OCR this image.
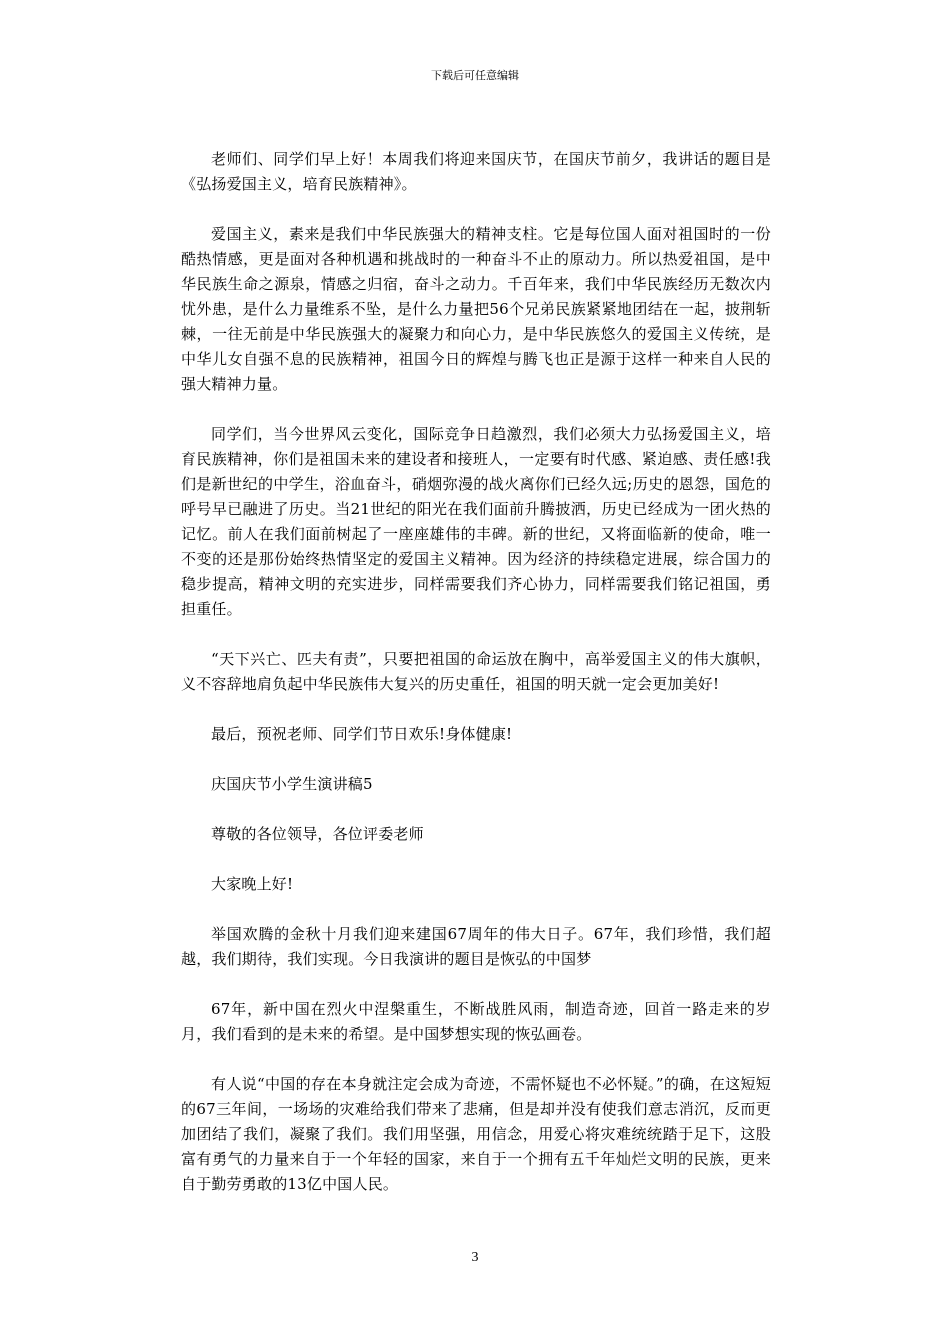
下载后可任意编辑

老师们、同学们早上好！本周我们将迎来国庆节，在国庆节前夕，我讲话的题目是《弘扬爱国主义，培育民族精神》。

爱国主义，素来是我们中华民族强大的精神支柱。它是每位国人面对祖国时的一份酷热情感，更是面对各种机遇和挑战时的一种奋斗不止的原动力。所以热爱祖国，是中华民族生命之源泉，情感之归宿，奋斗之动力。千百年来，我们中华民族经历无数次内忧外患，是什么力量维系不坠，是什么力量把56个兄弟民族紧紧地团结在一起，披荆斩棘，一往无前是中华民族强大的凝聚力和向心力，是中华民族悠久的爱国主义传统，是中华儿女自强不息的民族精神，祖国今日的辉煌与腾飞也正是源于这样一种来自人民的强大精神力量。

同学们，当今世界风云变化，国际竞争日趋激烈，我们必须大力弘扬爱国主义，培育民族精神，你们是祖国未来的建设者和接班人，一定要有时代感、紧迫感、责任感!我们是新世纪的中学生，浴血奋斗，硝烟弥漫的战火离你们已经久远;历史的恩怨，国危的呼号早已融进了历史。当21世纪的阳光在我们面前升腾披洒，历史已经成为一团火热的记忆。前人在我们面前树起了一座座雄伟的丰碑。新的世纪，又将面临新的使命，唯一不变的还是那份始终热情坚定的爱国主义精神。因为经济的持续稳定进展，综合国力的稳步提高，精神文明的充实进步，同样需要我们齐心协力，同样需要我们铭记祖国，勇担重任。

“天下兴亡、匹夫有责”，只要把祖国的命运放在胸中，高举爱国主义的伟大旗帜，义不容辞地肩负起中华民族伟大复兴的历史重任，祖国的明天就一定会更加美好!

最后，预祝老师、同学们节日欢乐!身体健康!

庆国庆节小学生演讲稿5

尊敬的各位领导，各位评委老师

大家晚上好!

举国欢腾的金秋十月我们迎来建国67周年的伟大日子。67年，我们珍惜，我们超越，我们期待，我们实现。今日我演讲的题目是恢弘的中国梦

67年，新中国在烈火中涅槃重生，不断战胜风雨，制造奇迹，回首一路走来的岁月，我们看到的是未来的希望。是中国梦想实现的恢弘画卷。

有人说“中国的存在本身就注定会成为奇迹，不需怀疑也不必怀疑。”的确，在这短短的67三年间，一场场的灾难给我们带来了悲痛，但是却并没有使我们意志消沉，反而更加团结了我们，凝聚了我们。我们用坚强，用信念，用爱心将灾难统统踏于足下，这股富有勇气的力量来自于一个年轻的国家，来自于一个拥有五千年灿烂文明的民族，更来自于勤劳勇敢的13亿中国人民。

3
